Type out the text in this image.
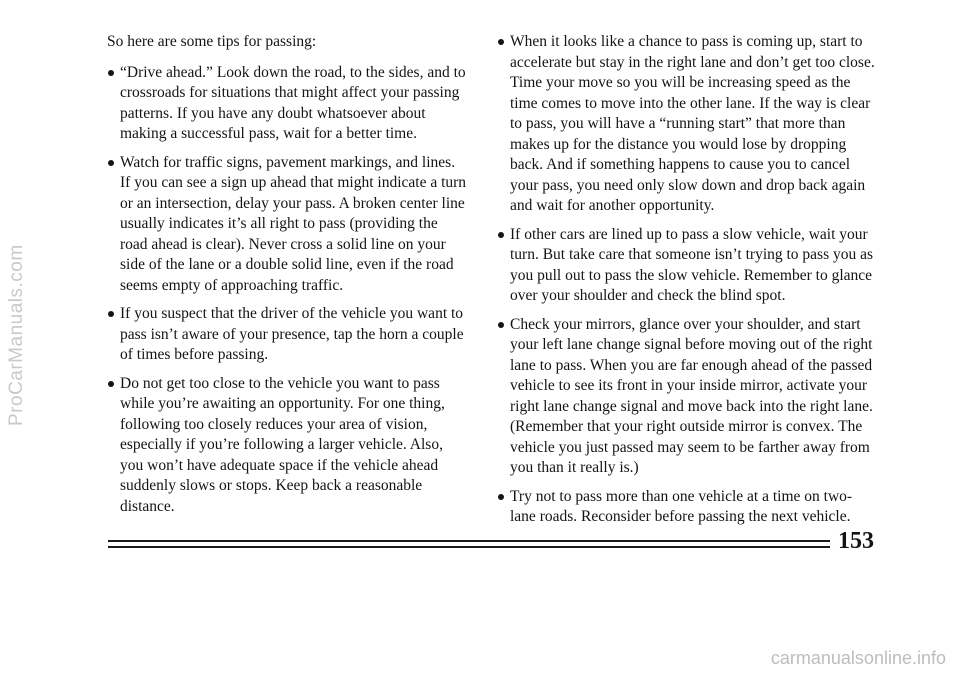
ProCarManuals.com

So here are some tips for passing:

“Drive ahead.” Look down the road, to the sides, and to crossroads for situations that might affect your passing patterns. If you have any doubt whatsoever about making a successful pass, wait for a better time.
Watch for traffic signs, pavement markings, and lines. If you can see a sign up ahead that might indicate a turn or an intersection, delay your pass. A broken center line usually indicates it’s all right to pass (providing the road ahead is clear). Never cross a solid line on your side of the lane or a double solid line, even if the road seems empty of approaching traffic.
If you suspect that the driver of the vehicle you want to pass isn’t aware of your presence, tap the horn a couple of times before passing.
Do not get too close to the vehicle you want to pass while you’re awaiting an opportunity. For one thing, following too closely reduces your area of vision, especially if you’re following a larger vehicle. Also, you won’t have adequate space if the vehicle ahead suddenly slows or stops. Keep back a reasonable distance.
When it looks like a chance to pass is coming up, start to accelerate but stay in the right lane and don’t get too close. Time your move so you will be increasing speed as the time comes to move into the other lane. If the way is clear to pass, you will have a “running start” that more than makes up for the distance you would lose by dropping back. And if something happens to cause you to cancel your pass, you need only slow down and drop back again and wait for another opportunity.
If other cars are lined up to pass a slow vehicle, wait your turn. But take care that someone isn’t trying to pass you as you pull out to pass the slow vehicle. Remember to glance over your shoulder and check the blind spot.
Check your mirrors, glance over your shoulder, and start your left lane change signal before moving out of the right lane to pass. When you are far enough ahead of the passed vehicle to see its front in your inside mirror, activate your right lane change signal and move back into the right lane. (Remember that your right outside mirror is convex. The vehicle you just passed may seem to be farther away from you than it really is.)
Try not to pass more than one vehicle at a time on two-lane roads. Reconsider before passing the next vehicle.
153
carmanualsonline.info
